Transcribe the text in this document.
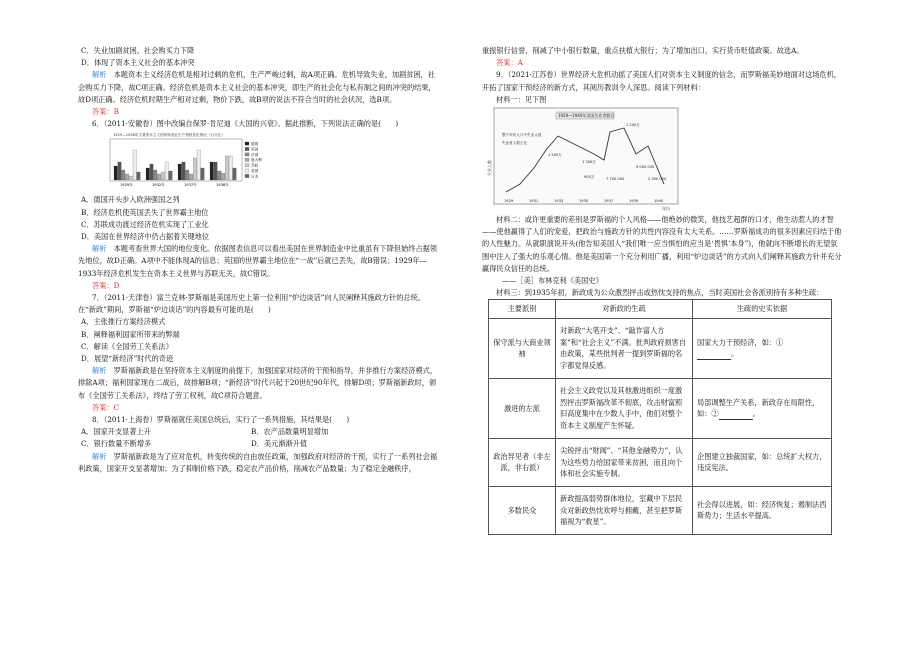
C．失业加剧贫困，社会购买力下降

D．体现了资本主义社会的基本冲突

解析　 本题资本主义经济危机是相对过剩的危机，生产严峻过剩，故A项正确。危机导致失业，加剧贫困，社会购买力下降，故C项正确。经济危机是资本主义社会的基本冲突，即生产的社会化与私有制之间的冲突的结果，故D项正确。经济危机时期生产相对过剩，物价下跌，故B项的说法不符合当时的社会状况，选B项。

答案：B

6．（2011·安徽卷）图中改编自保罗·肯尼迪《大国的兴衰》。据此推断，下列说法正确的是(　　)

1929—1938年主要资本主义国家制造业生产指数变化情况（百分比）
1929年	1932年	1937年	1938年
德国
英国
法国
意大利
苏联
美国
日本

A．德国开头步入欧洲强国之列

B．经济危机使英国丢失了世界霸主地位

C．苏联成功渡过经济危机实现了工业化

D．美国在世界经济中仍占据着关键地位

解析　 本题考查世界大国的地位变化。依据图表信息可以看出美国在世界制造业中比重虽有下降但始终占据领先地位，故D正确。A项中不能体现A的信息；英国的世界霸主地位在“一战”后就已丢失，故B错误；1929年—1933年经济危机发生在资本主义世界与苏联无关，故C错误。

答案：D

7．（2011·天津卷）富兰克林·罗斯福是美国历史上第一位利用“炉边谈话”向人民阐释其施政方针的总统。在“新政”期间，罗斯福“炉边谈话”的内容最有可能的是(　　)

A．主张推行方案经济模式

B．阐释福利国家所带来的弊端

C．解读《全国劳工关系法》

D．展望“新经济”时代的奇迹

解析　 罗斯福新政是在坚持资本主义制度的前提下，加强国家对经济的干预和指导，并非推行方案经济模式，排除A项；福利国家现在二战后，故排解B项；“新经济”时代兴起于20世纪90年代，排解D项；罗斯福新政时，颁布《全国劳工关系法》，终结了劳工权利，故C项符合题意。

答案：C

8．（2011·上海卷）罗斯福就任美国总统后，实行了一系列措施，其结果是(　　)

A．国家开支显著上升	B．农产品数量明显增加

C．银行数量不断增多	D．美元渐渐升值

解析　 罗斯福新政是为了应对危机，转变传统的自由放任政策，加强政府对经济的干预，实行了一系列社会福利政策，国家开支显著增加；为了抑制价格下跌，稳定农产品价格，削减农产品数量；为了稳定金融秩序，

重振银行信誉，削减了中小银行数量，重点扶植大银行；为了增加出口，实行货币贬值政策。故选A。

答案：A

9．（2021·江苏卷）世界经济大危机动摇了美国人们对资本主义制度的信念，而罗斯福美妙地面对这场危机，开拓了国家干预经济的新方式，其阅历教训令人深思。阅读下列材料：

材料一：见下图

1929—1940年美国失业者数目
失业人数
整个年份人口中失业人数
失业者人数占比
1 500万
1 300万
900万	7 700 000
1 200万
9 000 000
2 300 000
1929	1931	1933	1935	1937	1939	1940
年份

材料二：或许更重要的差别是罗斯福的个人风格——他绝妙的微笑，他技艺超群的口才，他生动惹人的才智——使他赢得了人们的宠爱，把政治与施政方针的共性内容没有太大关系。……罗斯福成功的很多因素应归结于他的人性魅力。从就职演说开头(他告知美国人“我们唯一应当惧怕的应当是‘畏惧’本身”)，他就向不断增长的无望氛围中注入了强大的乐观心情。他是美国第一个充分利用广播，利用“炉边谈话”的方式向人们阐释其施政方针并充分赢得民众信任的总统。

——［美］布林克利《美国史》

材料三：到1935年初，新政成为公众激烈抨击或热忱支持的焦点，当时美国社会各派别持有多种生疏：

主要派别	对新政的生疏	生疏的史实依据
保守派与大商业领袖	对新政“大笔开支”、“敲诈富人方案”和“社会主义”不满。批判政府损害自由政策，某些批判者一提到罗斯福的名字都觉得反感。	国家大力干预经济，如：①
。
激进的左派	社会主义政党以及其他激进组织一度激烈抨击罗斯福改革不彻底，攻击财富照旧高度集中在少数人手中，他们对整个资本主义制度产生怀疑。	局部调整生产关系，新政存在局限性，如：② 。
政治异见者（非左派，非右派）	尖锐抨击“财阀”、“其他金融势力”，认为这些势力给国家带来贫困，而且向个体和社会实施专制。	企图建立独裁国家，如：总统扩大权力，违反宪法。
多数民众	新政提高弱势群体地位，室藏中下层民众对新政热忱欢呼与拥戴，甚至把罗斯福视为“救星”。	社会得以进展，如：经济恢复；遏制法西斯势力；生活水平提高。
